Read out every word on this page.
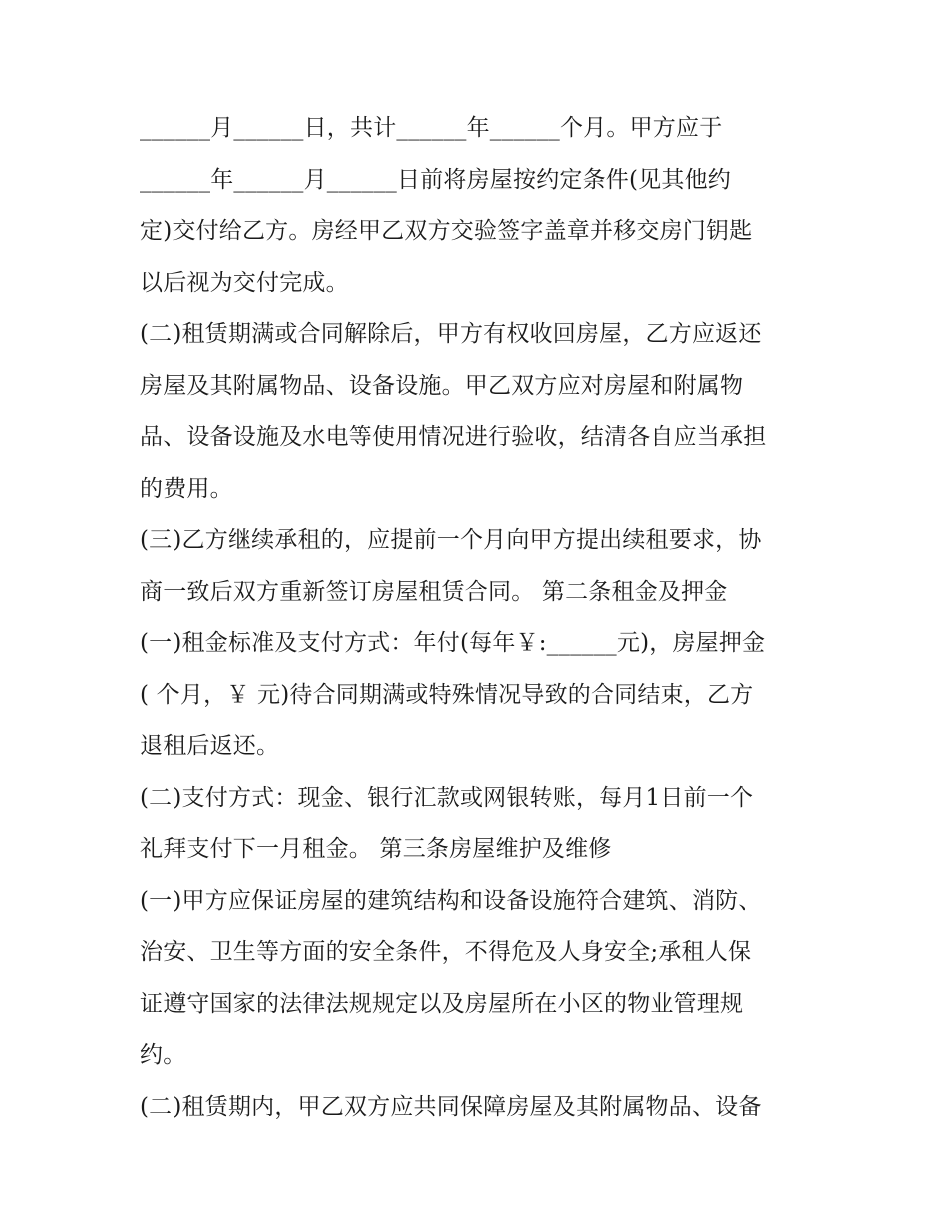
______月______日，共计______年______个月。甲方应于
______年______月______日前将房屋按约定条件(见其他约
定)交付给乙方。房经甲乙双方交验签字盖章并移交房门钥匙
以后视为交付完成。
(二)租赁期满或合同解除后，甲方有权收回房屋，乙方应返还
房屋及其附属物品、设备设施。甲乙双方应对房屋和附属物
品、设备设施及水电等使用情况进行验收，结清各自应当承担
的费用。
(三)乙方继续承租的，应提前一个月向甲方提出续租要求，协
商一致后双方重新签订房屋租赁合同。 第二条租金及押金
(一)租金标准及支付方式：年付(每年￥:______元)，房屋押金
( 个月，￥ 元)待合同期满或特殊情况导致的合同结束，乙方
退租后返还。
(二)支付方式：现金、银行汇款或网银转账，每月1日前一个
礼拜支付下一月租金。 第三条房屋维护及维修
(一)甲方应保证房屋的建筑结构和设备设施符合建筑、消防、
治安、卫生等方面的安全条件，不得危及人身安全;承租人保
证遵守国家的法律法规规定以及房屋所在小区的物业管理规
约。
(二)租赁期内，甲乙双方应共同保障房屋及其附属物品、设备
